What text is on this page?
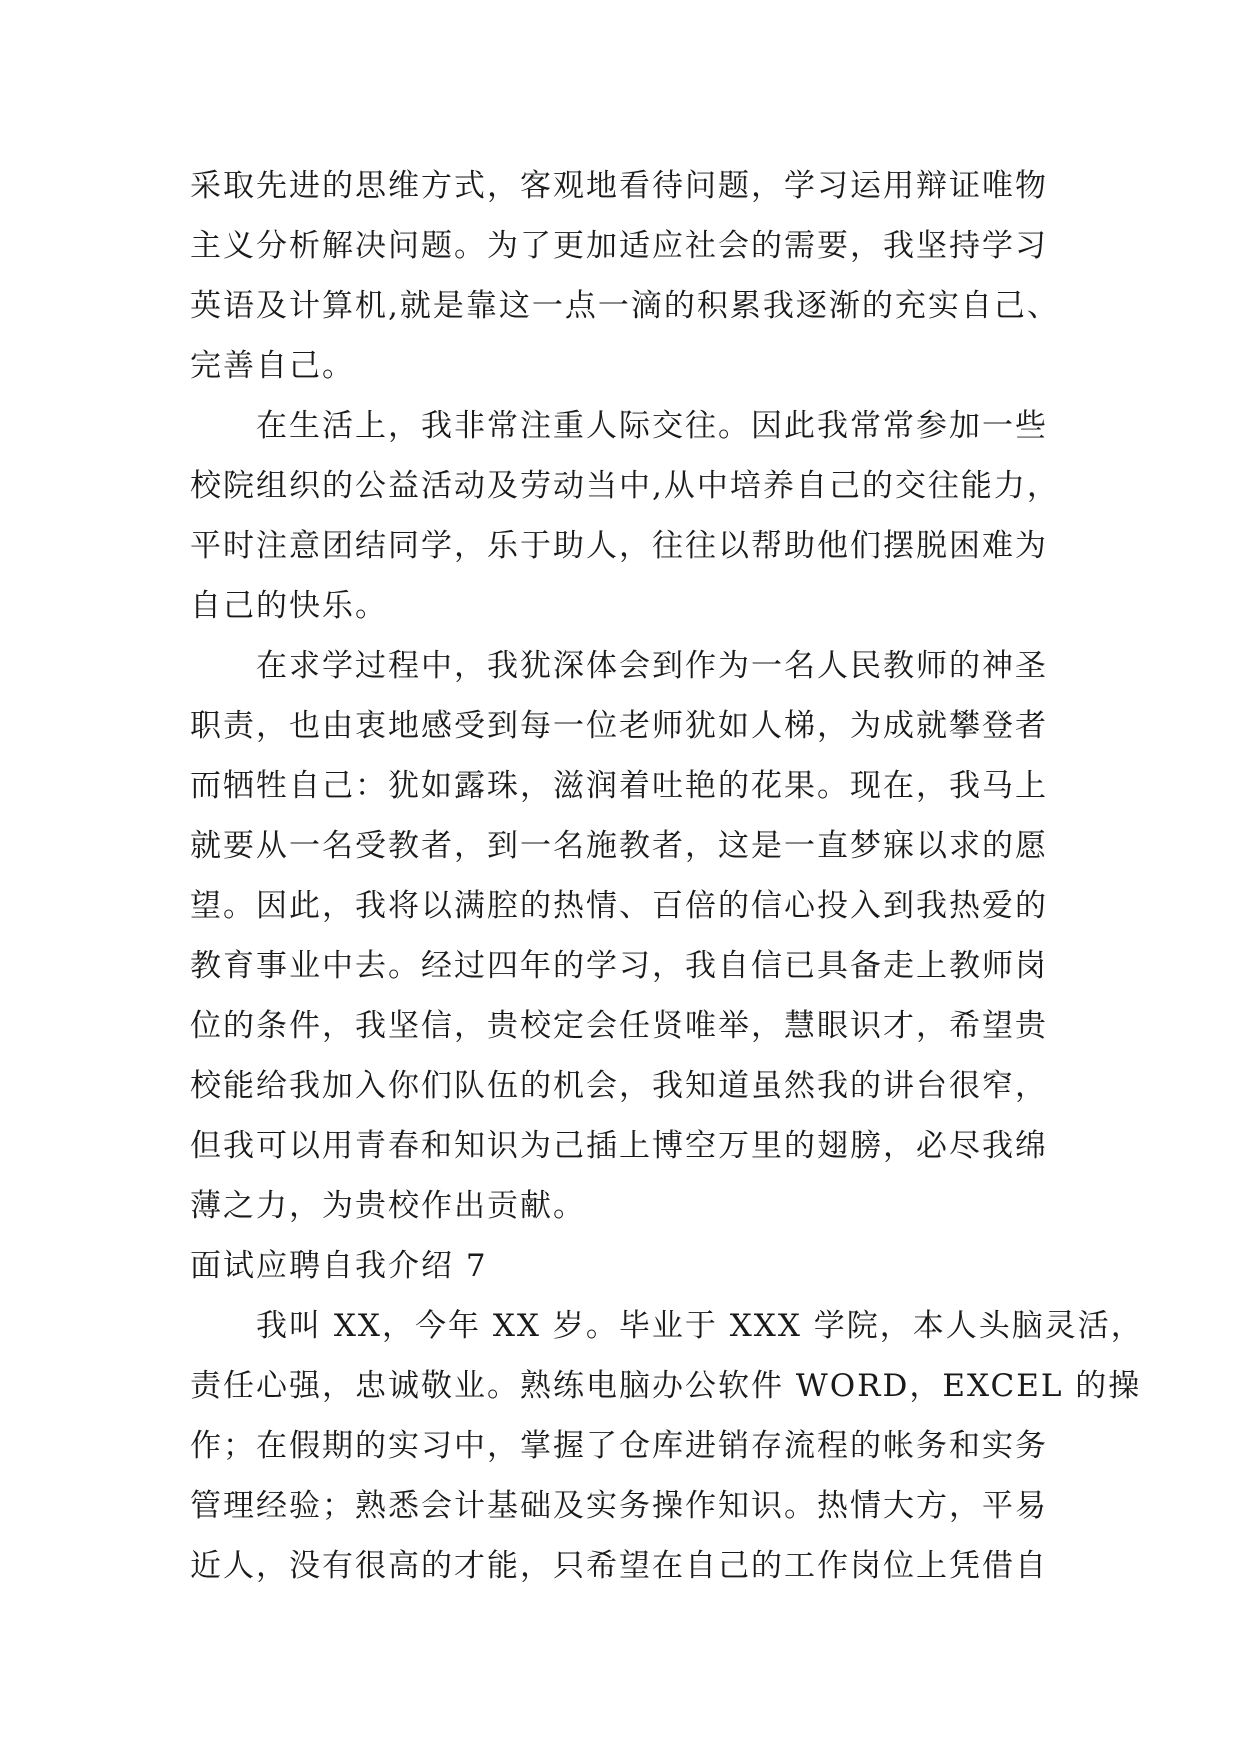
采取先进的思维方式，客观地看待问题，学习运用辩证唯物
主义分析解决问题。为了更加适应社会的需要，我坚持学习
英语及计算机,就是靠这一点一滴的积累我逐渐的充实自己、
完善自己。
在生活上，我非常注重人际交往。因此我常常参加一些
校院组织的公益活动及劳动当中,从中培养自己的交往能力，
平时注意团结同学，乐于助人，往往以帮助他们摆脱困难为
自己的快乐。
在求学过程中，我犹深体会到作为一名人民教师的神圣
职责，也由衷地感受到每一位老师犹如人梯，为成就攀登者
而牺牲自己：犹如露珠，滋润着吐艳的花果。现在，我马上
就要从一名受教者，到一名施教者，这是一直梦寐以求的愿
望。因此，我将以满腔的热情、百倍的信心投入到我热爱的
教育事业中去。经过四年的学习，我自信已具备走上教师岗
位的条件，我坚信，贵校定会任贤唯举，慧眼识才，希望贵
校能给我加入你们队伍的机会，我知道虽然我的讲台很窄，
但我可以用青春和知识为己插上博空万里的翅膀，必尽我绵
薄之力，为贵校作出贡献。
面试应聘自我介绍 7
我叫 XX，今年 XX 岁。毕业于 XXX 学院，本人头脑灵活，
责任心强，忠诚敬业。熟练电脑办公软件 WORD，EXCEL 的操
作；在假期的实习中，掌握了仓库进销存流程的帐务和实务
管理经验；熟悉会计基础及实务操作知识。热情大方，平易
近人，没有很高的才能，只希望在自己的工作岗位上凭借自
